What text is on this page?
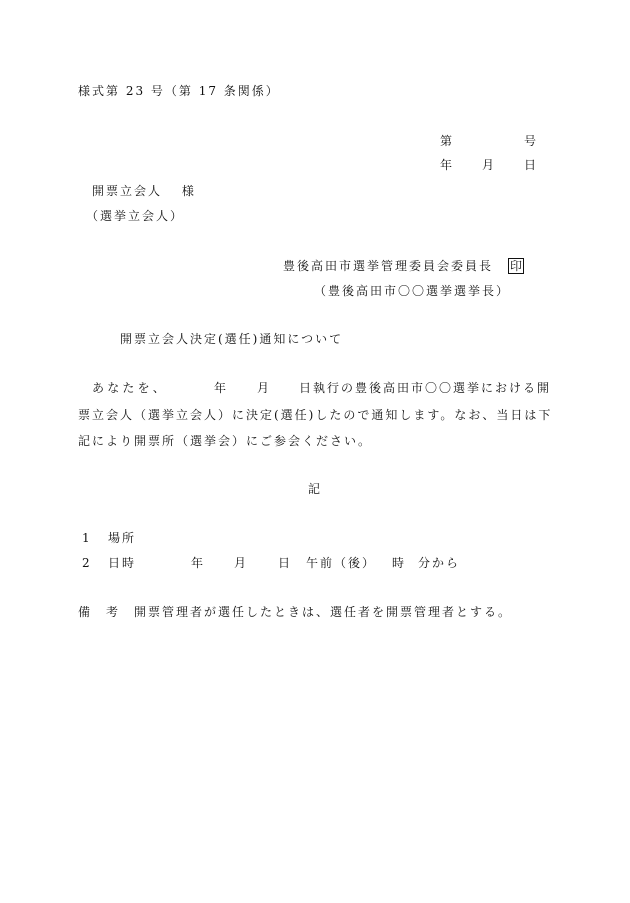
様式第 23 号（第 17 条関係）
第	号
年 月 日
開票立会人　 様
（選挙立会人）
豊後高田市選挙管理委員会委員長 印
（豊後高田市〇〇選挙選挙長）
開票立会人決定(選任)通知について
あなたを、	年 月 日執行の豊後高田市〇〇選挙における開
票立会人（選挙立会人）に決定(選任)したので通知します。なお、当日は下
記により開票所（選挙会）にご参会ください。
記
1 場所
2 日時	年 月 日 午前（後） 時 分から
備　考 開票管理者が選任したときは、選任者を開票管理者とする。
